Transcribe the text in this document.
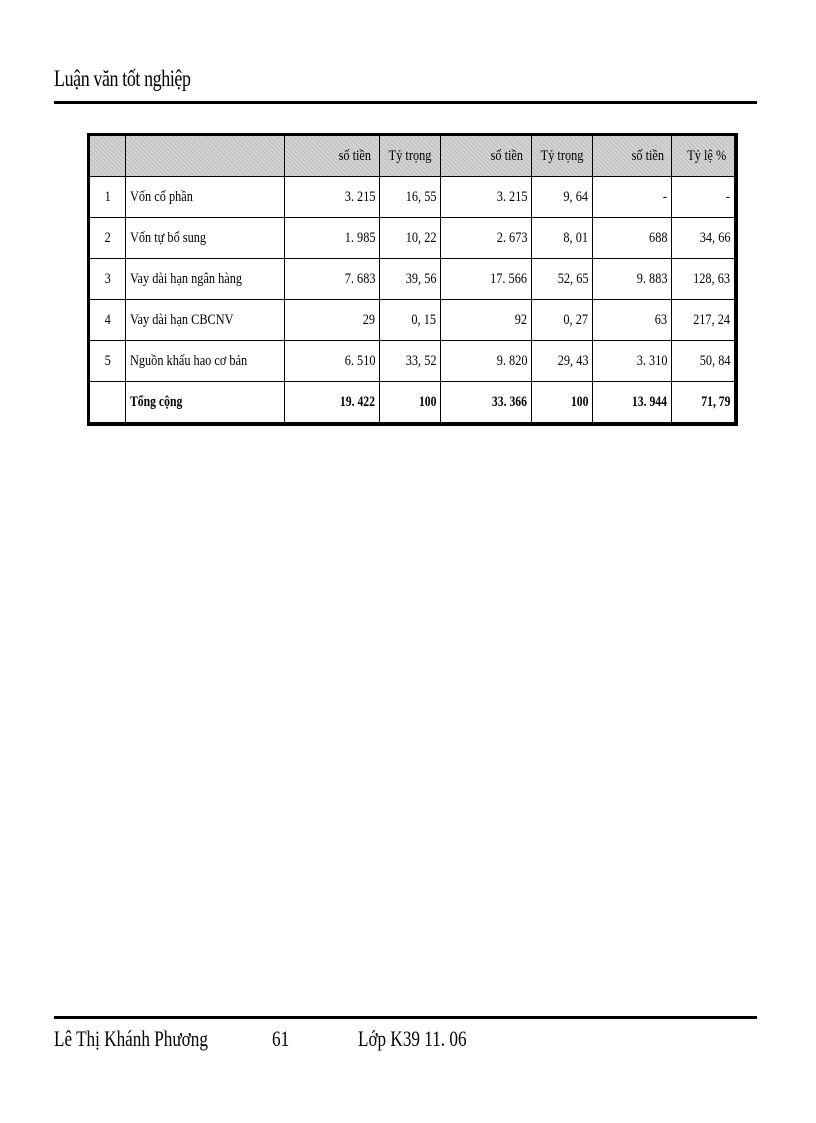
Luận văn tốt nghiệp
		số tiền	Tỷ trọng	số tiền	Tỷ trọng	số tiền	Tỷ lệ %
1	Vốn cổ phần	3. 215	16, 55	3. 215	9, 64	-	-
2	Vốn tự bổ sung	1. 985	10, 22	2. 673	8, 01	688	34, 66
3	Vay dài hạn ngân hàng	7. 683	39, 56	17. 566	52, 65	9. 883	128, 63
4	Vay dài hạn CBCNV	29	0, 15	92	0, 27	63	217, 24
5	Nguồn khấu hao cơ bản	6. 510	33, 52	9. 820	29, 43	3. 310	50, 84
	Tổng cộng	19. 422	100	33. 366	100	13. 944	71, 79
Lê Thị Khánh Phương	61	Lớp K39 11. 06
